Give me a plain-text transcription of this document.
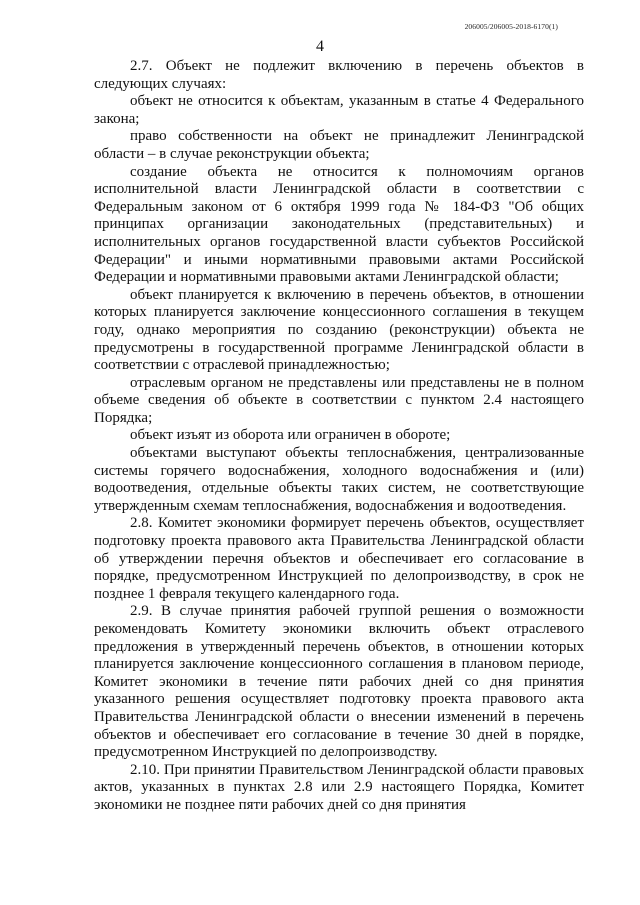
206005/206005-2018-6170(1)
4

2.7. Объект не подлежит включению в перечень объектов в следующих случаях:

объект не относится к объектам, указанным в статье 4 Федерального закона;

право собственности на объект не принадлежит Ленинградской области – в случае реконструкции объекта;

создание объекта не относится к полномочиям органов исполнительной власти Ленинградской области в соответствии с Федеральным законом от 6 октября 1999 года № 184-ФЗ "Об общих принципах организации законодательных (представительных) и исполнительных органов государственной власти субъектов Российской Федерации" и иными нормативными правовыми актами Российской Федерации и нормативными правовыми актами Ленинградской области;

объект планируется к включению в перечень объектов, в отношении которых планируется заключение концессионного соглашения в текущем году, однако мероприятия по созданию (реконструкции) объекта не предусмотрены в государственной программе Ленинградской области в соответствии с отраслевой принадлежностью;

отраслевым органом не представлены или представлены не в полном объеме сведения об объекте в соответствии с пунктом 2.4 настоящего Порядка;

объект изъят из оборота или ограничен в обороте;

объектами выступают объекты теплоснабжения, централизованные системы горячего водоснабжения, холодного водоснабжения и (или) водоотведения, отдельные объекты таких систем, не соответствующие утвержденным схемам теплоснабжения, водоснабжения и водоотведения.

2.8. Комитет экономики формирует перечень объектов, осуществляет подготовку проекта правового акта Правительства Ленинградской области об утверждении перечня объектов и обеспечивает его согласование в порядке, предусмотренном Инструкцией по делопроизводству, в срок не позднее 1 февраля текущего календарного года.

2.9. В случае принятия рабочей группой решения о возможности рекомендовать Комитету экономики включить объект отраслевого предложения в утвержденный перечень объектов, в отношении которых планируется заключение концессионного соглашения в плановом периоде, Комитет экономики в течение пяти рабочих дней со дня принятия указанного решения осуществляет подготовку проекта правового акта Правительства Ленинградской области о внесении изменений в перечень объектов и обеспечивает его согласование в течение 30 дней в порядке, предусмотренном Инструкцией по делопроизводству.

2.10. При принятии Правительством Ленинградской области правовых актов, указанных в пунктах 2.8 или 2.9 настоящего Порядка, Комитет экономики не позднее пяти рабочих дней со дня принятия
